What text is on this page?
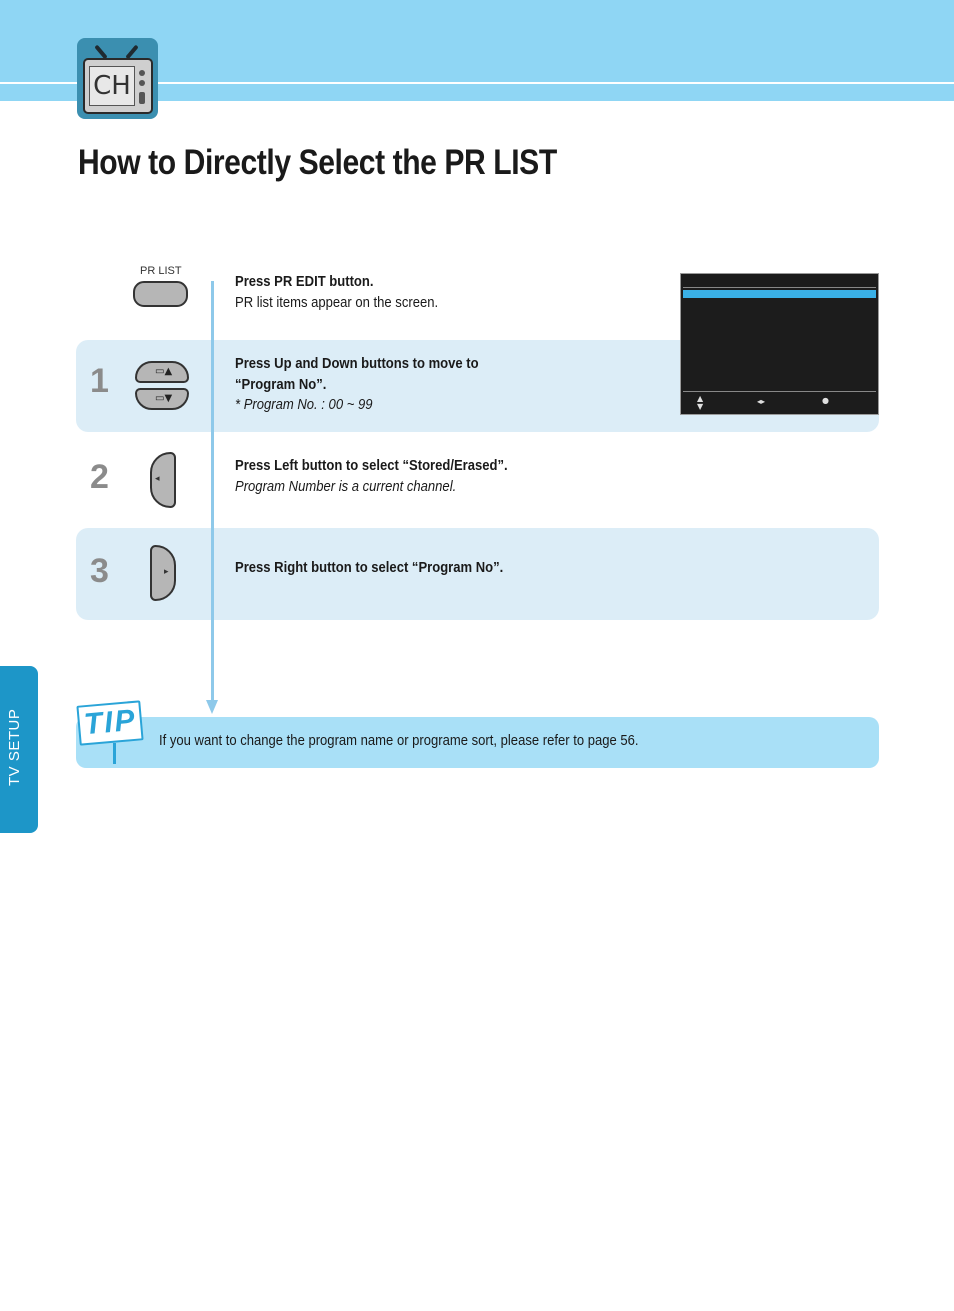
CH
How to Directly Select the PR LIST
TV SETUP
1
2
3
PR LIST
▭▲
▭▼
◂
▸
Press PR EDIT button.
PR list items appear on the screen.
Press Up and Down buttons to move to
“Program No”.
* Program No. : 00 ~ 99
Press Left button to select “Stored/Erased”.
Program Number is a current channel.
Press Right button to select “Program No”.
▲
▼
◂▸	●
TIP If you want to change the program name or programe sort, please refer to page 56.
